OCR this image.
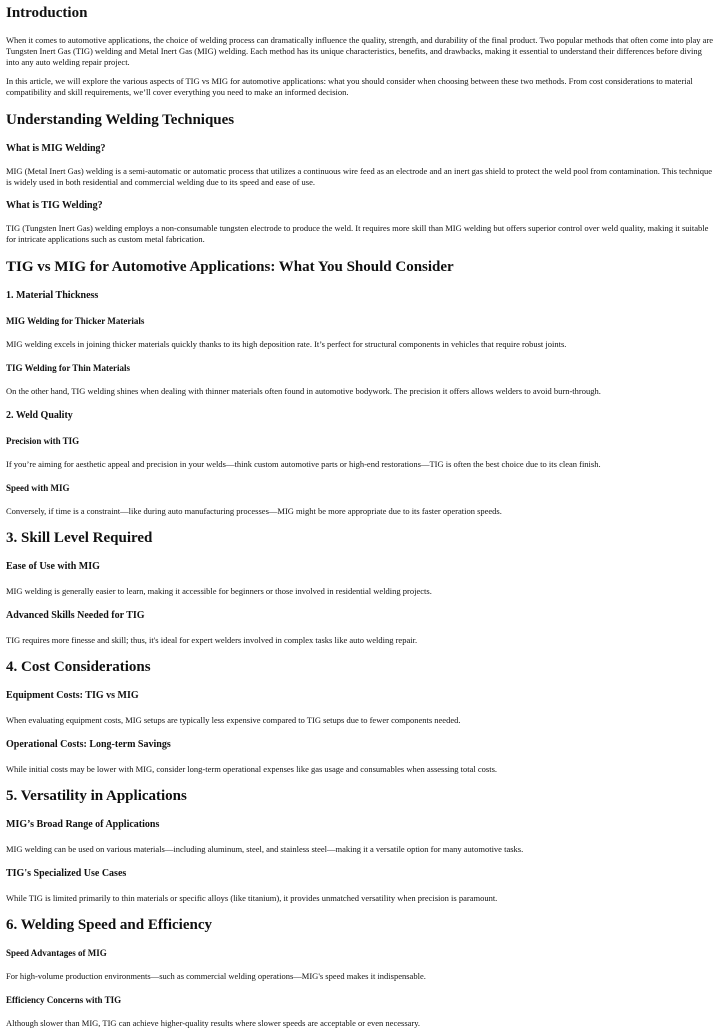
Introduction

When it comes to automotive applications, the choice of welding process can dramatically influence the quality, strength, and durability of the final product. Two popular methods that often come into play are Tungsten Inert Gas (TIG) welding and Metal Inert Gas (MIG) welding. Each method has its unique characteristics, benefits, and drawbacks, making it essential to understand their differences before diving into any auto welding repair project.

In this article, we will explore the various aspects of TIG vs MIG for automotive applications: what you should consider when choosing between these two methods. From cost considerations to material compatibility and skill requirements, we’ll cover everything you need to make an informed decision.

Understanding Welding Techniques
What is MIG Welding?

MIG (Metal Inert Gas) welding is a semi-automatic or automatic process that utilizes a continuous wire feed as an electrode and an inert gas shield to protect the weld pool from contamination. This technique is widely used in both residential and commercial welding due to its speed and ease of use.

What is TIG Welding?

TIG (Tungsten Inert Gas) welding employs a non-consumable tungsten electrode to produce the weld. It requires more skill than MIG welding but offers superior control over weld quality, making it suitable for intricate applications such as custom metal fabrication.

TIG vs MIG for Automotive Applications: What You Should Consider
1. Material Thickness
MIG Welding for Thicker Materials

MIG welding excels in joining thicker materials quickly thanks to its high deposition rate. It’s perfect for structural components in vehicles that require robust joints.

TIG Welding for Thin Materials

On the other hand, TIG welding shines when dealing with thinner materials often found in automotive bodywork. The precision it offers allows welders to avoid burn-through.

2. Weld Quality
Precision with TIG

If you’re aiming for aesthetic appeal and precision in your welds—think custom automotive parts or high-end restorations—TIG is often the best choice due to its clean finish.

Speed with MIG

Conversely, if time is a constraint—like during auto manufacturing processes—MIG might be more appropriate due to its faster operation speeds.

3. Skill Level Required
Ease of Use with MIG

MIG welding is generally easier to learn, making it accessible for beginners or those involved in residential welding projects.

Advanced Skills Needed for TIG

TIG requires more finesse and skill; thus, it's ideal for expert welders involved in complex tasks like auto welding repair.

4. Cost Considerations
Equipment Costs: TIG vs MIG

When evaluating equipment costs, MIG setups are typically less expensive compared to TIG setups due to fewer components needed.

Operational Costs: Long-term Savings

While initial costs may be lower with MIG, consider long-term operational expenses like gas usage and consumables when assessing total costs.

5. Versatility in Applications
MIG’s Broad Range of Applications

MIG welding can be used on various materials—including aluminum, steel, and stainless steel—making it a versatile option for many automotive tasks.

TIG's Specialized Use Cases

While TIG is limited primarily to thin materials or specific alloys (like titanium), it provides unmatched versatility when precision is paramount.

6. Welding Speed and Efficiency
Speed Advantages of MIG

For high-volume production environments—such as commercial welding operations—MIG's speed makes it indispensable.

Efficiency Concerns with TIG

Although slower than MIG, TIG can achieve higher-quality results where slower speeds are acceptable or even necessary.
